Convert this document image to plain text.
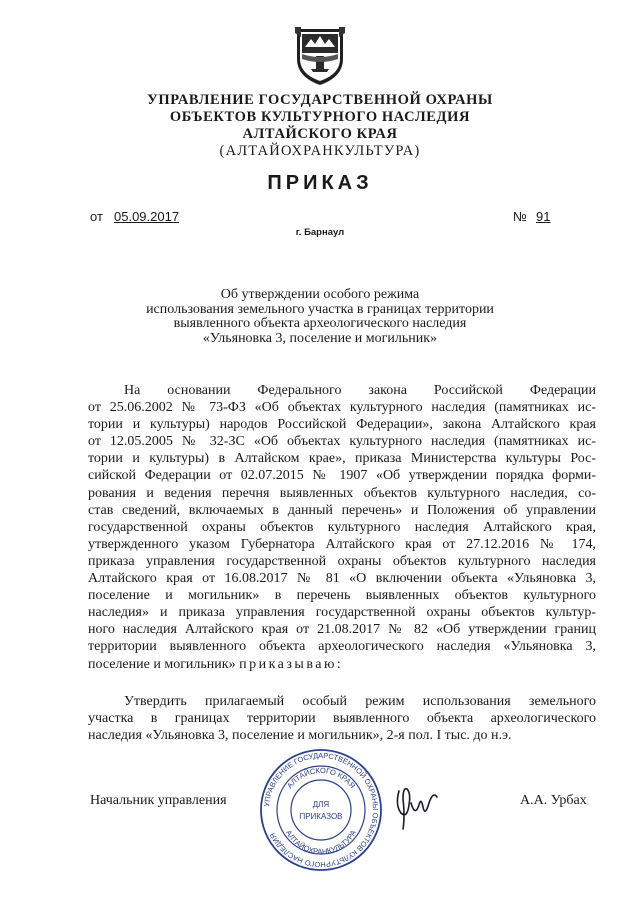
УПРАВЛЕНИЕ ГОСУДАРСТВЕННОЙ ОХРАНЫ
ОБЪЕКТОВ КУЛЬТУРНОГО НАСЛЕДИЯ
АЛТАЙСКОГО КРАЯ
(АЛТАЙОХРАНКУЛЬТУРА)
ПРИКАЗ
от 05.09.2017	№ 91
г. Барнаул
Об утверждении особого режима
использования земельного участка в границах территории
выявленного объекта археологического наследия
«Ульяновка 3, поселение и могильник»
На основании Федерального закона Российской Федерации
от 25.06.2002 № 73-ФЗ «Об объектах культурного наследия (памятниках ис-
тории и культуры) народов Российской Федерации», закона Алтайского края
от 12.05.2005 № 32-ЗС «Об объектах культурного наследия (памятниках ис-
тории и культуры) в Алтайском крае», приказа Министерства культуры Рос-
сийской Федерации от 02.07.2015 № 1907 «Об утверждении порядка форми-
рования и ведения перечня выявленных объектов культурного наследия, со-
став сведений, включаемых в данный перечень» и Положения об управлении
государственной охраны объектов культурного наследия Алтайского края,
утвержденного указом Губернатора Алтайского края от 27.12.2016 № 174,
приказа управления государственной охраны объектов культурного наследия
Алтайского края от 16.08.2017 № 81 «О включении объекта «Ульяновка 3,
поселение и могильник» в перечень выявленных объектов культурного
наследия» и приказа управления государственной охраны объектов культур-
ного наследия Алтайского края от 21.08.2017 № 82 «Об утверждении границ
территории выявленного объекта археологического наследия «Ульяновка 3,
поселение и могильник» приказываю:
Утвердить прилагаемый особый режим использования земельного
участка в границах территории выявленного объекта археологического
наследия «Ульяновка 3, поселение и могильник», 2-я пол. I тыс. до н.э.
Начальник управления	А.А. Урбах
УПРАВЛЕНИЕ ГОСУДАРСТВЕННОЙ ОХРАНЫ ОБЪЕКТОВ КУЛЬТУРНОГО НАСЛЕДИЯ
АЛТАЙСКОГО КРАЯ
АЛТАЙОХРАНКУЛЬТУРА
ДЛЯ
ПРИКАЗОВ
